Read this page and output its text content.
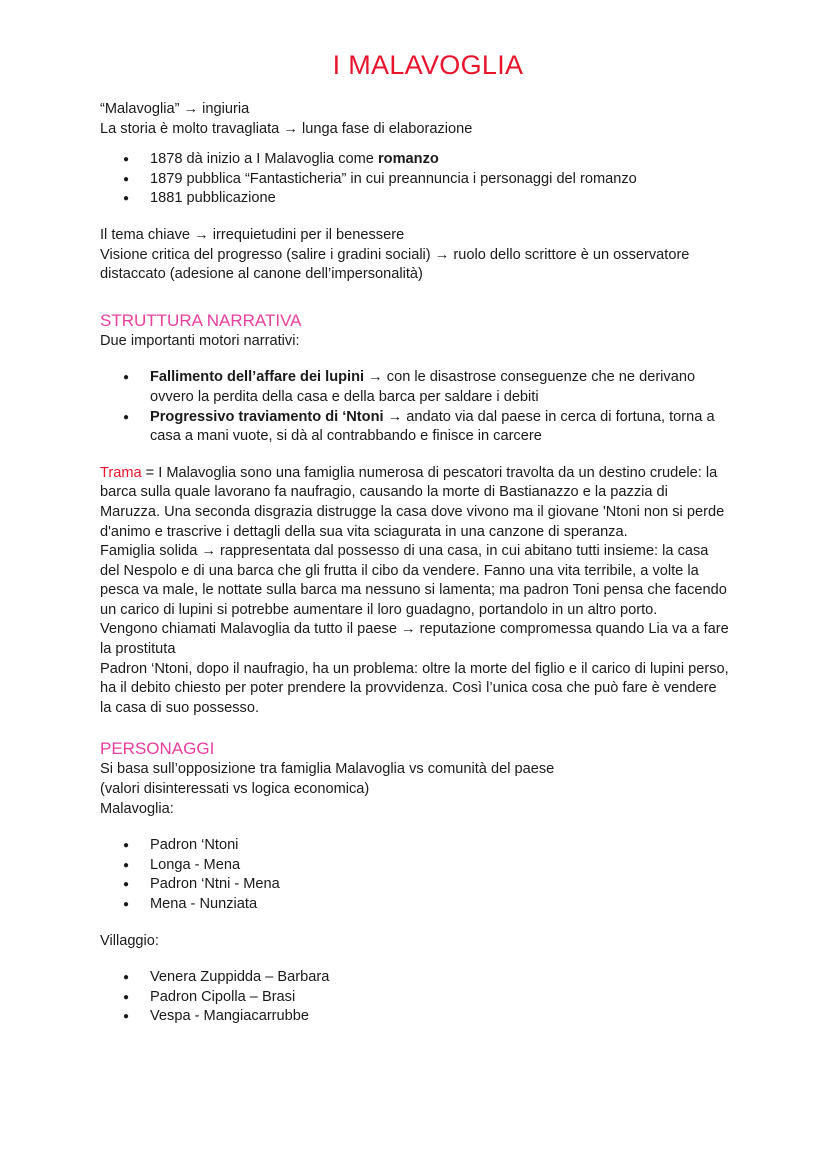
I MALAVOGLIA

“Malavoglia” → ingiuria

La storia è molto travagliata → lunga fase di elaborazione

● 1878 dà inizio a I Malavoglia come romanzo
● 1879 pubblica “Fantasticheria” in cui preannuncia i personaggi del romanzo
● 1881 pubblicazione

Il tema chiave → irrequietudini per il benessere

Visione critica del progresso (salire i gradini sociali) → ruolo dello scrittore è un osservatore distaccato (adesione al canone dell’impersonalità)

STRUTTURA NARRATIVA

Due importanti motori narrativi:

● Fallimento dell’affare dei lupini → con le disastrose conseguenze che ne derivano ovvero la perdita della casa e della barca per saldare i debiti
● Progressivo traviamento di ‘Ntoni → andato via dal paese in cerca di fortuna, torna a casa a mani vuote, si dà al contrabbando e finisce in carcere

Trama = I Malavoglia sono una famiglia numerosa di pescatori travolta da un destino crudele: la barca sulla quale lavorano fa naufragio, causando la morte di Bastianazzo e la pazzia di Maruzza. Una seconda disgrazia distrugge la casa dove vivono ma il giovane 'Ntoni non si perde d'animo e trascrive i dettagli della sua vita sciagurata in una canzone di speranza.

Famiglia solida → rappresentata dal possesso di una casa, in cui abitano tutti insieme: la casa del Nespolo e di una barca che gli frutta il cibo da vendere. Fanno una vita terribile, a volte la pesca va male, le nottate sulla barca ma nessuno si lamenta; ma padron Toni pensa che facendo un carico di lupini si potrebbe aumentare il loro guadagno, portandolo in un altro porto.

Vengono chiamati Malavoglia da tutto il paese → reputazione compromessa quando Lia va a fare la prostituta

Padron ‘Ntoni, dopo il naufragio, ha un problema: oltre la morte del figlio e il carico di lupini perso, ha il debito chiesto per poter prendere la provvidenza. Così l’unica cosa che può fare è vendere la casa di suo possesso.

PERSONAGGI

Si basa sull’opposizione tra famiglia Malavoglia vs comunità del paese

(valori disinteressati vs logica economica)

Malavoglia:

● Padron ‘Ntoni
● Longa - Mena
● Padron ‘Ntni - Mena
● Mena - Nunziata

Villaggio:

● Venera Zuppidda – Barbara
● Padron Cipolla – Brasi
● Vespa - Mangiacarrubbe
